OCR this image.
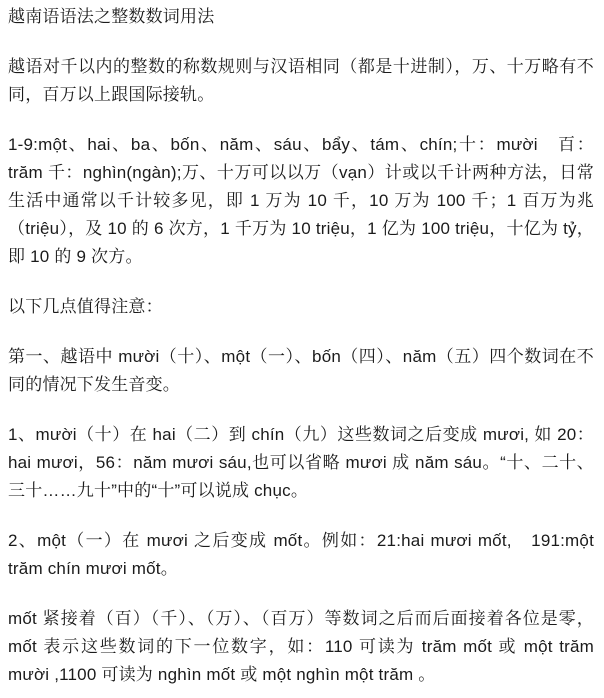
越南语语法之整数数词用法

越语对千以内的整数的称数规则与汉语相同（都是十进制），万、十万略有不同，百万以上跟国际接轨。

1-9:một、hai、ba、bốn、năm、sáu、bẩy、tám、chín;十：mười　百：trăm 千：nghìn(ngàn);万、十万可以以万（vạn）计或以千计两种方法，日常生活中通常以千计较多见，即 1 万为 10 千，10 万为 100 千；1 百万为兆（triệu），及 10 的 6 次方，1 千万为 10 triệu，1 亿为 100 triệu，十亿为 tỷ，即 10 的 9 次方。

以下几点值得注意：

第一、越语中 mười（十）、một（一）、bốn（四）、năm（五）四个数词在不同的情况下发生音变。

1、mười（十）在 hai（二）到 chín（九）这些数词之后变成 mươi, 如 20：hai mươi，56：năm mươi sáu,也可以省略 mươi 成 năm sáu。“十、二十、三十……九十”中的“十”可以说成 chục。

2、một（一）在 mươi 之后变成 mốt。例如：21:hai mươi mốt,　191:một trăm chín mươi mốt。

mốt 紧接着（百）（千）、（万）、（百万）等数词之后而后面接着各位是零，mốt 表示这些数词的下一位数字，如：110 可读为 trăm mốt 或 một trăm mười ,1100 可读为 nghìn mốt 或 một nghìn một trăm 。
